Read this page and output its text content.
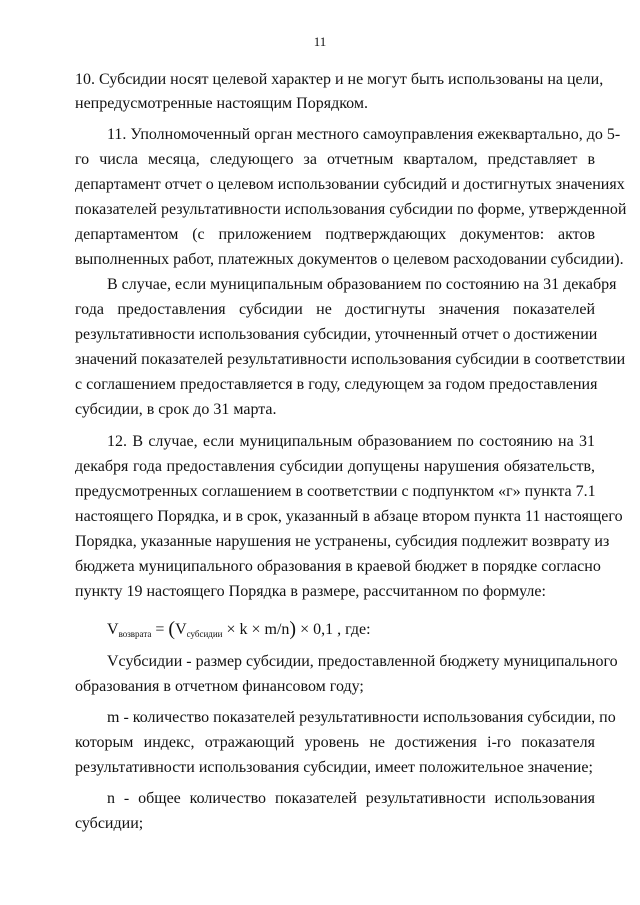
11
10. Субсидии носят целевой характер и не могут быть использованы на цели,
непредусмотренные настоящим Порядком.
11. Уполномоченный орган местного самоуправления ежеквартально, до 5-
го числа месяца, следующего за отчетным кварталом, представляет в
департамент отчет о целевом использовании субсидий и достигнутых значениях
показателей результативности использования субсидии по форме, утвержденной
департаментом (с приложением подтверждающих документов: актов
выполненных работ, платежных документов о целевом расходовании субсидии).
В случае, если муниципальным образованием по состоянию на 31 декабря
года предоставления субсидии не достигнуты значения показателей
результативности использования субсидии, уточненный отчет о достижении
значений показателей результативности использования субсидии в соответствии
с соглашением предоставляется в году, следующем за годом предоставления
субсидии, в срок до 31 марта.
12. В случае, если муниципальным образованием по состоянию на 31
декабря года предоставления субсидии допущены нарушения обязательств,
предусмотренных соглашением в соответствии с подпунктом «г» пункта 7.1
настоящего Порядка, и в срок, указанный в абзаце втором пункта 11 настоящего
Порядка, указанные нарушения не устранены, субсидия подлежит возврату из
бюджета муниципального образования в краевой бюджет в порядке согласно
пункту 19 настоящего Порядка в размере, рассчитанном по формуле:
$V_{возврата} = (V_{субсидии} \times k \times m/n) \times 0,1$ , где:
Vсубсидии - размер субсидии, предоставленной бюджету муниципального
образования в отчетном финансовом году;
m - количество показателей результативности использования субсидии, по
которым индекс, отражающий уровень не достижения i-го показателя
результативности использования субсидии, имеет положительное значение;
n - общее количество показателей результативности использования
субсидии;
